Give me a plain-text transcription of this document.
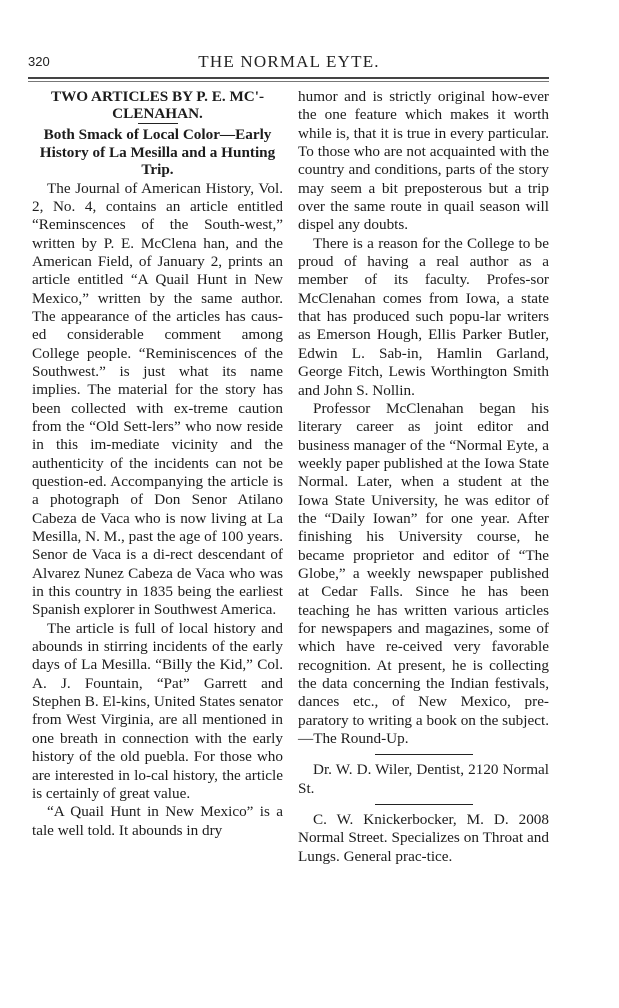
320	THE NORMAL EYTE.
TWO ARTICLES BY P. E. MC'-CLENAHAN.
Both Smack of Local Color—Early History of La Mesilla and a Hunting Trip.

The Journal of American History, Vol. 2, No. 4, contains an article entitled “Reminscences of the South-west,” written by P. E. McClena han, and the American Field, of January 2, prints an article entitled “A Quail Hunt in New Mexico,” written by the same author. The appearance of the articles has caus-ed considerable comment among College people. “Reminiscences of the Southwest.” is just what its name implies. The material for the story has been collected with ex-treme caution from the “Old Sett-lers” who now reside in this im-mediate vicinity and the authenticity of the incidents can not be question-ed. Accompanying the article is a photograph of Don Senor Atilano Cabeza de Vaca who is now living at La Mesilla, N. M., past the age of 100 years. Senor de Vaca is a di-rect descendant of Alvarez Nunez Cabeza de Vaca who was in this country in 1835 being the earliest Spanish explorer in Southwest America.

The article is full of local history and abounds in stirring incidents of the early days of La Mesilla. “Billy the Kid,” Col. A. J. Fountain, “Pat” Garrett and Stephen B. El-kins, United States senator from West Virginia, are all mentioned in one breath in connection with the early history of the old puebla. For those who are interested in lo-cal history, the article is certainly of great value.

“A Quail Hunt in New Mexico” is a tale well told. It abounds in dry

humor and is strictly original how-ever the one feature which makes it worth while is, that it is true in every particular. To those who are not acquainted with the country and conditions, parts of the story may seem a bit preposterous but a trip over the same route in quail season will dispel any doubts.

There is a reason for the College to be proud of having a real author as a member of its faculty. Profes-sor McClenahan comes from Iowa, a state that has produced such popu-lar writers as Emerson Hough, Ellis Parker Butler, Edwin L. Sab-in, Hamlin Garland, George Fitch, Lewis Worthington Smith and John S. Nollin.

Professor McClenahan began his literary career as joint editor and business manager of the “Normal Eyte, a weekly paper published at the Iowa State Normal. Later, when a student at the Iowa State University, he was editor of the “Daily Iowan” for one year. After finishing his University course, he became proprietor and editor of “The Globe,” a weekly newspaper published at Cedar Falls. Since he has been teaching he has written various articles for newspapers and magazines, some of which have re-ceived very favorable recognition. At present, he is collecting the data concerning the Indian festivals, dances etc., of New Mexico, pre-paratory to writing a book on the subject.—The Round-Up.

Dr. W. D. Wiler, Dentist, 2120 Normal St.

C. W. Knickerbocker, M. D. 2008 Normal Street. Specializes on Throat and Lungs. General prac-tice.
